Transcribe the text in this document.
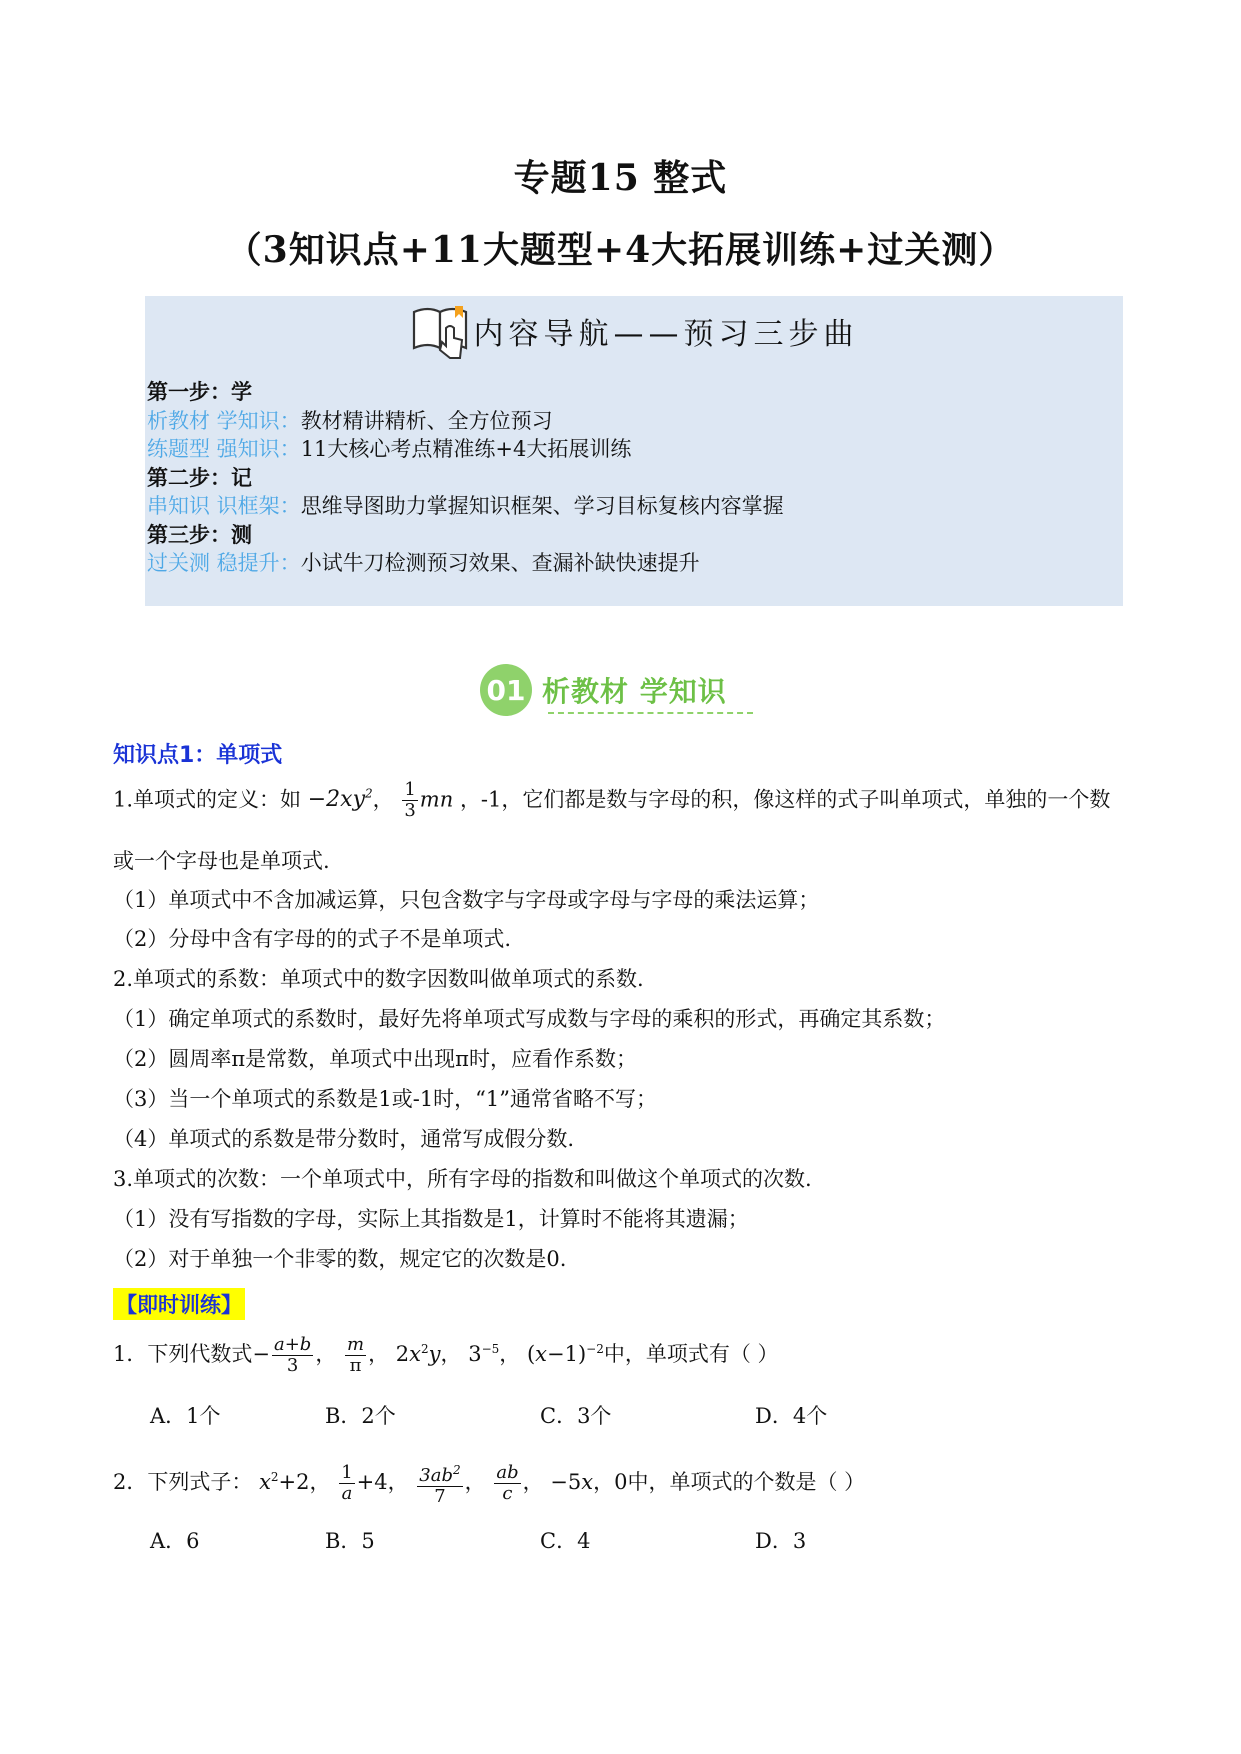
专题15 整式
（3知识点+11大题型+4大拓展训练+过关测）
内容导航——预习三步曲
第一步：学
析教材 学知识：教材精讲精析、全方位预习
练题型 强知识：11大核心考点精准练+4大拓展训练
第二步：记
串知识 识框架：思维导图助力掌握知识框架、学习目标复核内容掌握
第三步：测
过关测 稳提升：小试牛刀检测预习效果、查漏补缺快速提升
01 析教材 学知识
知识点1：单项式
1.单项式的定义：如 $-2xy^2$， $\frac{1}{3}$ mn ，-1，它们都是数与字母的积，像这样的式子叫单项式，单独的一个数
或一个字母也是单项式.
（1）单项式中不含加减运算，只包含数字与字母或字母与字母的乘法运算；
（2）分母中含有字母的的式子不是单项式.
2.单项式的系数：单项式中的数字因数叫做单项式的系数.
（1）确定单项式的系数时，最好先将单项式写成数与字母的乘积的形式，再确定其系数；
（2）圆周率π是常数，单项式中出现π时，应看作系数；
（3）当一个单项式的系数是1或-1时，“1”通常省略不写；
（4）单项式的系数是带分数时，通常写成假分数.
3.单项式的次数：一个单项式中，所有字母的指数和叫做这个单项式的次数.
（1）没有写指数的字母，实际上其指数是1，计算时不能将其遗漏；
（2）对于单独一个非零的数，规定它的次数是0.
【即时训练】
1．下列代数式− $\frac{a+b}{3}$ ， $\frac{m}{\pi}$ ， $2x^2y$， $3^{-5}$， $(x-1)^{-2}$中，单项式有（ ）
A．1个	B．2个	C．3个	D．4个
2．下列式子： $x^2+2$， $\frac{1}{a} +4$， $\frac{3ab^2}{7}$ ， $\frac{ab}{c}$ ， −5x，0中，单项式的个数是（ ）
A．6	B．5	C．4	D．3
